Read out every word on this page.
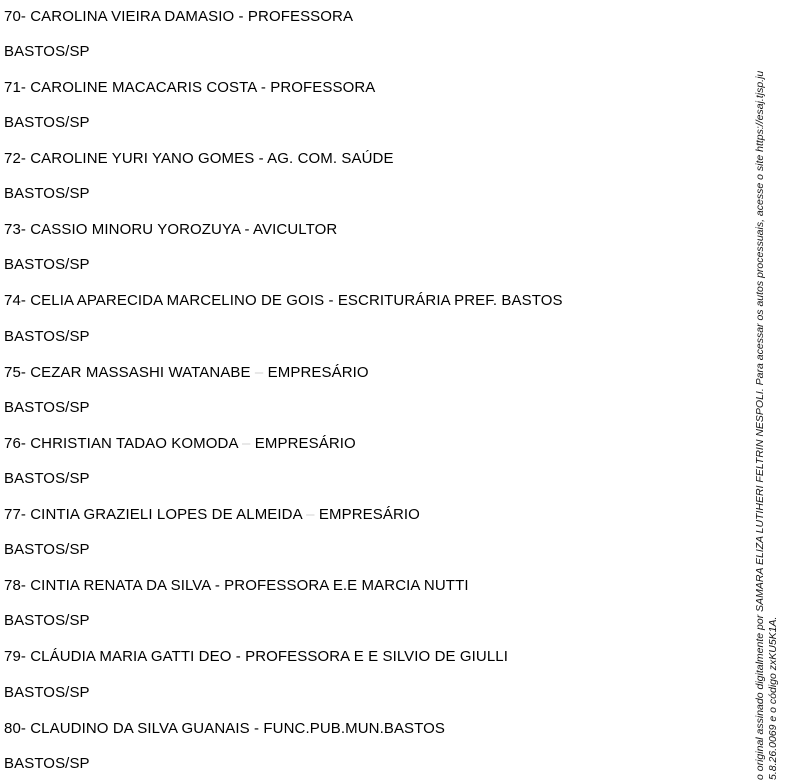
70- CAROLINA VIEIRA DAMASIO - PROFESSORA
BASTOS/SP
71- CAROLINE MACACARIS COSTA - PROFESSORA
BASTOS/SP
72- CAROLINE YURI YANO GOMES - AG. COM. SAÚDE
BASTOS/SP
73- CASSIO MINORU YOROZUYA - AVICULTOR
BASTOS/SP
74- CELIA APARECIDA MARCELINO DE GOIS - ESCRITURÁRIA PREF. BASTOS
BASTOS/SP
75- CEZAR MASSASHI WATANABE – EMPRESÁRIO
BASTOS/SP
76- CHRISTIAN TADAO KOMODA – EMPRESÁRIO
BASTOS/SP
77- CINTIA GRAZIELI LOPES DE ALMEIDA – EMPRESÁRIO
BASTOS/SP
78- CINTIA RENATA DA SILVA - PROFESSORA E.E MARCIA NUTTI
BASTOS/SP
79- CLÁUDIA MARIA GATTI DEO - PROFESSORA E E SILVIO DE GIULLI
BASTOS/SP
80- CLAUDINO DA SILVA GUANAIS - FUNC.PUB.MUN.BASTOS
BASTOS/SP	o original assinado digitalmente por SAMARA ELIZA LUTIHERI FELTRIN NESPOLI. Para acessar os autos processuais, acesse o site https://esaj.tjsp.ju 5.8.26.0069 e o código zxKU5K1A.
